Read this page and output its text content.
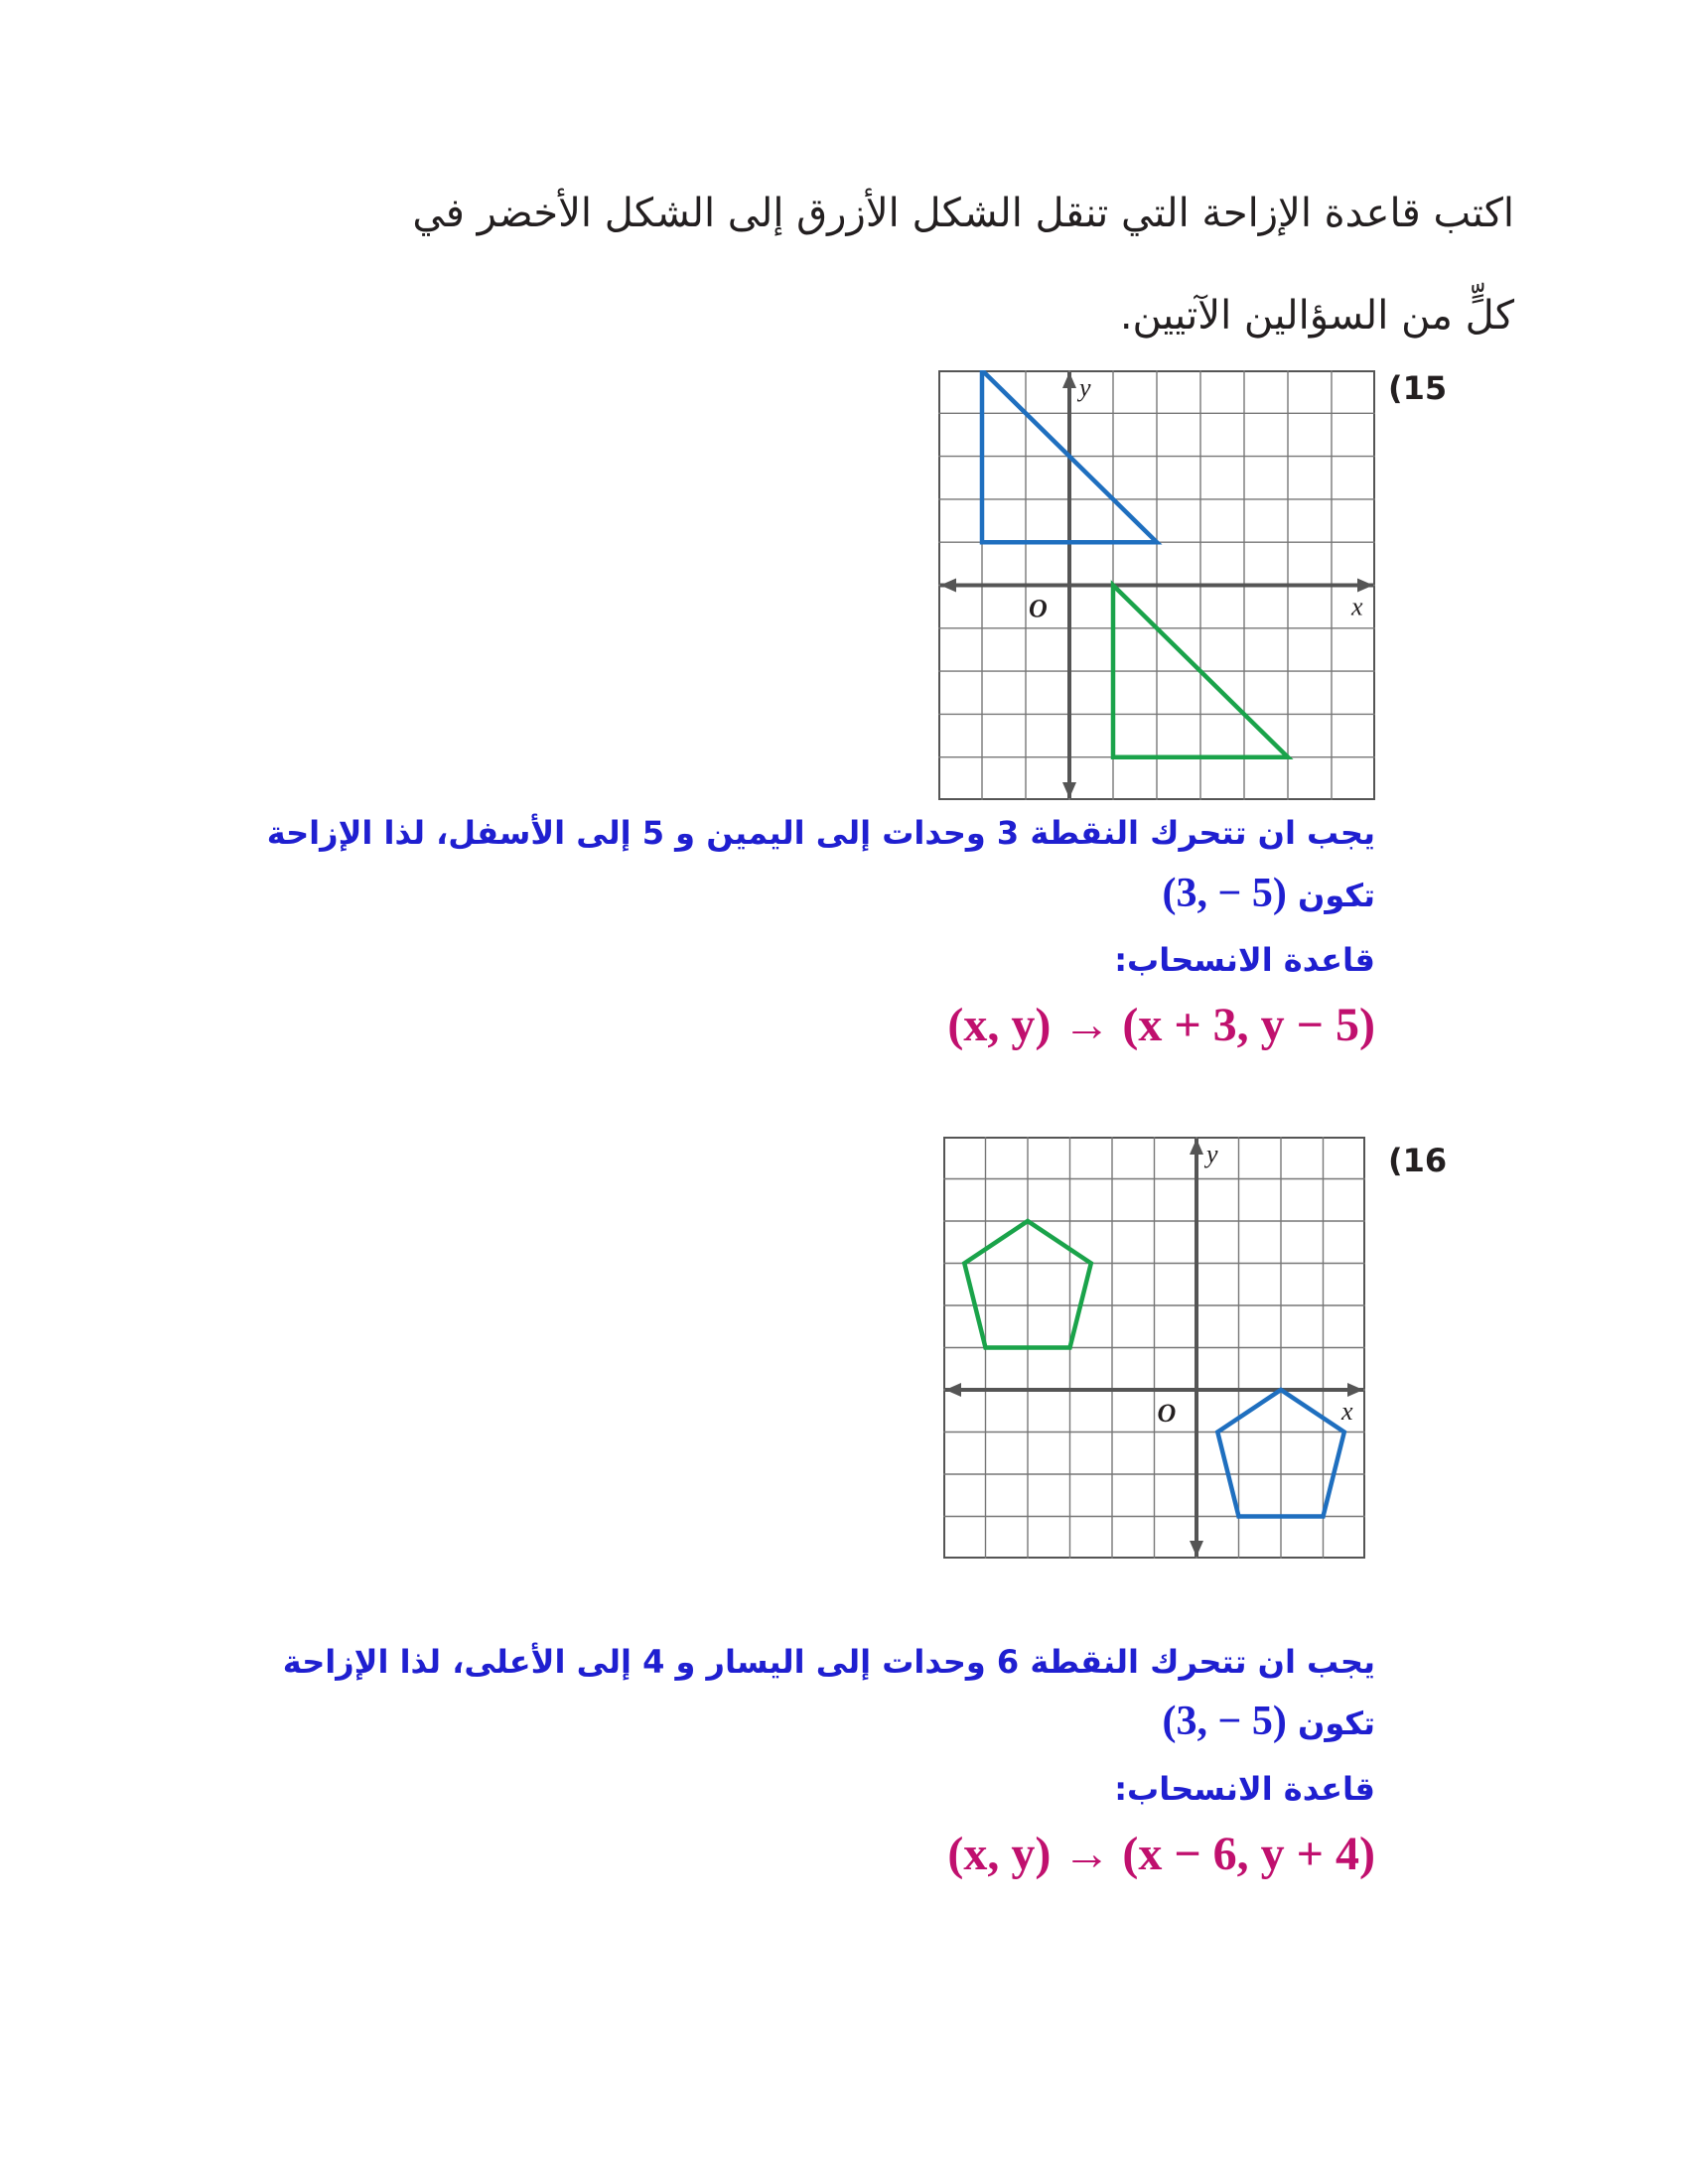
اكتب قاعدة الإزاحة التي تنقل الشكل الأزرق إلى الشكل الأخضر في
كلٍّ من السؤالين الآتيين.
(15
x
y
O
يجب ان تتحرك النقطة 3 وحدات إلى اليمين و 5 إلى الأسفل، لذا الإزاحة
تكون (3, − 5)
قاعدة الانسحاب:
(x, y) → (x + 3, y − 5)
(16
x
y
O
يجب ان تتحرك النقطة 6 وحدات إلى اليسار و 4 إلى الأعلى، لذا الإزاحة
تكون (3, − 5)
قاعدة الانسحاب:
(x, y) → (x − 6, y + 4)
